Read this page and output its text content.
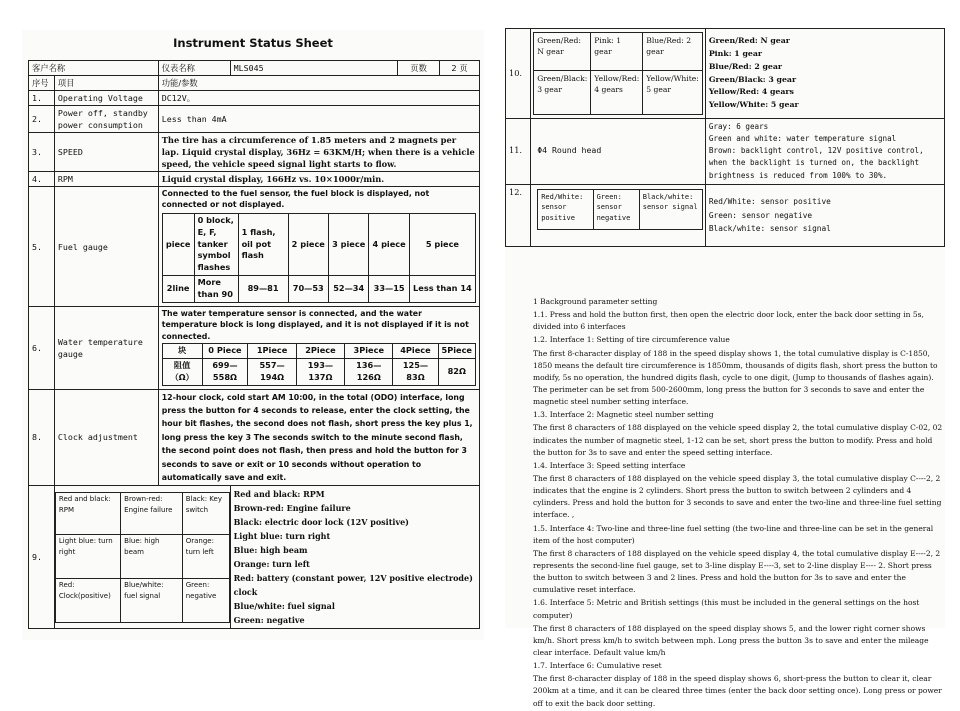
Instrument Status Sheet
客户名称	仪表名称	MLS045	页数	2 页
序号	项目	功能/参数
1.	Operating Voltage	DC12V。
2.	Power off, standby power consumption	Less than 4mA
3.	SPEED	The tire has a circumference of 1.85 meters and 2 magnets per lap. Liquid crystal display, 36Hz = 63KM/H; when there is a vehicle speed, the vehicle speed signal light starts to flow.
4.	RPM	Liquid crystal display, 166Hz vs. 10×1000r/min.
5.	Fuel gauge	
Connected to the fuel sensor, the fuel block is displayed, not connected or not displayed.
piece	0 block, E, F, tanker symbol flashes	1 flash, oil pot flash	2 piece	3 piece	4 piece	5 piece
2line	More than 90	89—81	70—53	52—34	33—15	Less than 14

6.	Water temperature gauge	
The water temperature sensor is connected, and the water temperature block is long displayed, and it is not displayed if it is not connected.
块	0 Piece	1Piece	2Piece	3Piece	4Piece	5Piece
阻值（Ω）	699—558Ω	557—194Ω	193—137Ω	136—126Ω	125—83Ω	82Ω

8.	Clock adjustment	12-hour clock, cold start AM 10:00, in the total (ODO) interface, long press the button for 4 seconds to release, enter the clock setting, the hour bit flashes, the second does not flash, short press the key plus 1, long press the key 3 The seconds switch to the minute second flash, the second point does not flash, then press and hold the button for 3 seconds to save or exit or 10 seconds without operation to automatically save and exit.
9.	
Red and black: RPM	Brown-red: Engine failure	Black: Key switch
Light blue: turn right	Blue: high beam	Orange: turn left
Red: Clock(positive)	Blue/white: fuel signal	Green: negative

Red and black: RPM
Brown-red: Engine failure
Black: electric door lock (12V positive)
Light blue: turn right
Blue: high beam
Orange: turn left
Red: battery (constant power, 12V positive electrode) clock
Blue/white: fuel signal
Green: negative
10.	
Green/Red: N gear	Pink: 1 gear	Blue/Red: 2 gear
Green/Black: 3 gear	Yellow/Red: 4 gears	Yellow/White: 5 gear

Green/Red: N gear
Pink: 1 gear
Blue/Red: 2 gear
Green/Black: 3 gear
Yellow/Red: 4 gears
Yellow/White: 5 gear

11.	Φ4 Round head	Gray: 6 gears
Green and white: water temperature signal
Brown: backlight control, 12V positive control, when the backlight is turned on, the backlight brightness is reduced from 100% to 30%.
12.		Red/White: sensor positive	Green: sensor negative	Black/white: sensor signal

Red/White: sensor positive
Green: sensor negative
Black/white: sensor signal

1 Background parameter setting

1.1. Press and hold the button first, then open the electric door lock, enter the back door setting in 5s, divided into 6 interfaces

1.2. Interface 1: Setting of tire circumference value

The first 8-character display of 188 in the speed display shows 1, the total cumulative display is C-1850, 1850 means the default tire circumference is 1850mm, thousands of digits flash, short press the button to modify, 5s no operation, the hundred digits flash, cycle to one digit, (Jump to thousands of flashes again). The perimeter can be set from 500-2600mm, long press the button for 3 seconds to save and enter the magnetic steel number setting interface.

1.3. Interface 2: Magnetic steel number setting

The first 8 characters of 188 displayed on the vehicle speed display 2, the total cumulative display C-02, 02 indicates the number of magnetic steel, 1-12 can be set, short press the button to modify. Press and hold the button for 3s to save and enter the speed setting interface.

1.4. Interface 3: Speed setting interface

The first 8 characters of 188 displayed on the vehicle speed display 3, the total cumulative display C----2, 2 indicates that the engine is 2 cylinders. Short press the button to switch between 2 cylinders and 4 cylinders. Press and hold the button for 3 seconds to save and enter the two-line and three-line fuel setting interface. ,

1.5. Interface 4: Two-line and three-line fuel setting (the two-line and three-line can be set in the general item of the host computer)

The first 8 characters of 188 displayed on the vehicle speed display 4, the total cumulative display E----2, 2 represents the second-line fuel gauge, set to 3-line display E----3, set to 2-line display E---- 2. Short press the button to switch between 3 and 2 lines. Press and hold the button for 3s to save and enter the cumulative reset interface.

1.6. Interface 5: Metric and British settings (this must be included in the general settings on the host computer)

The first 8 characters of 188 displayed on the speed display shows 5, and the lower right corner shows km/h. Short press km/h to switch between mph. Long press the button 3s to save and enter the mileage clear interface. Default value km/h

1.7. Interface 6: Cumulative reset

The first 8-character display of 188 in the speed display shows 6, short-press the button to clear it, clear 200km at a time, and it can be cleared three times (enter the back door setting once). Long press or power off to exit the back door setting.
